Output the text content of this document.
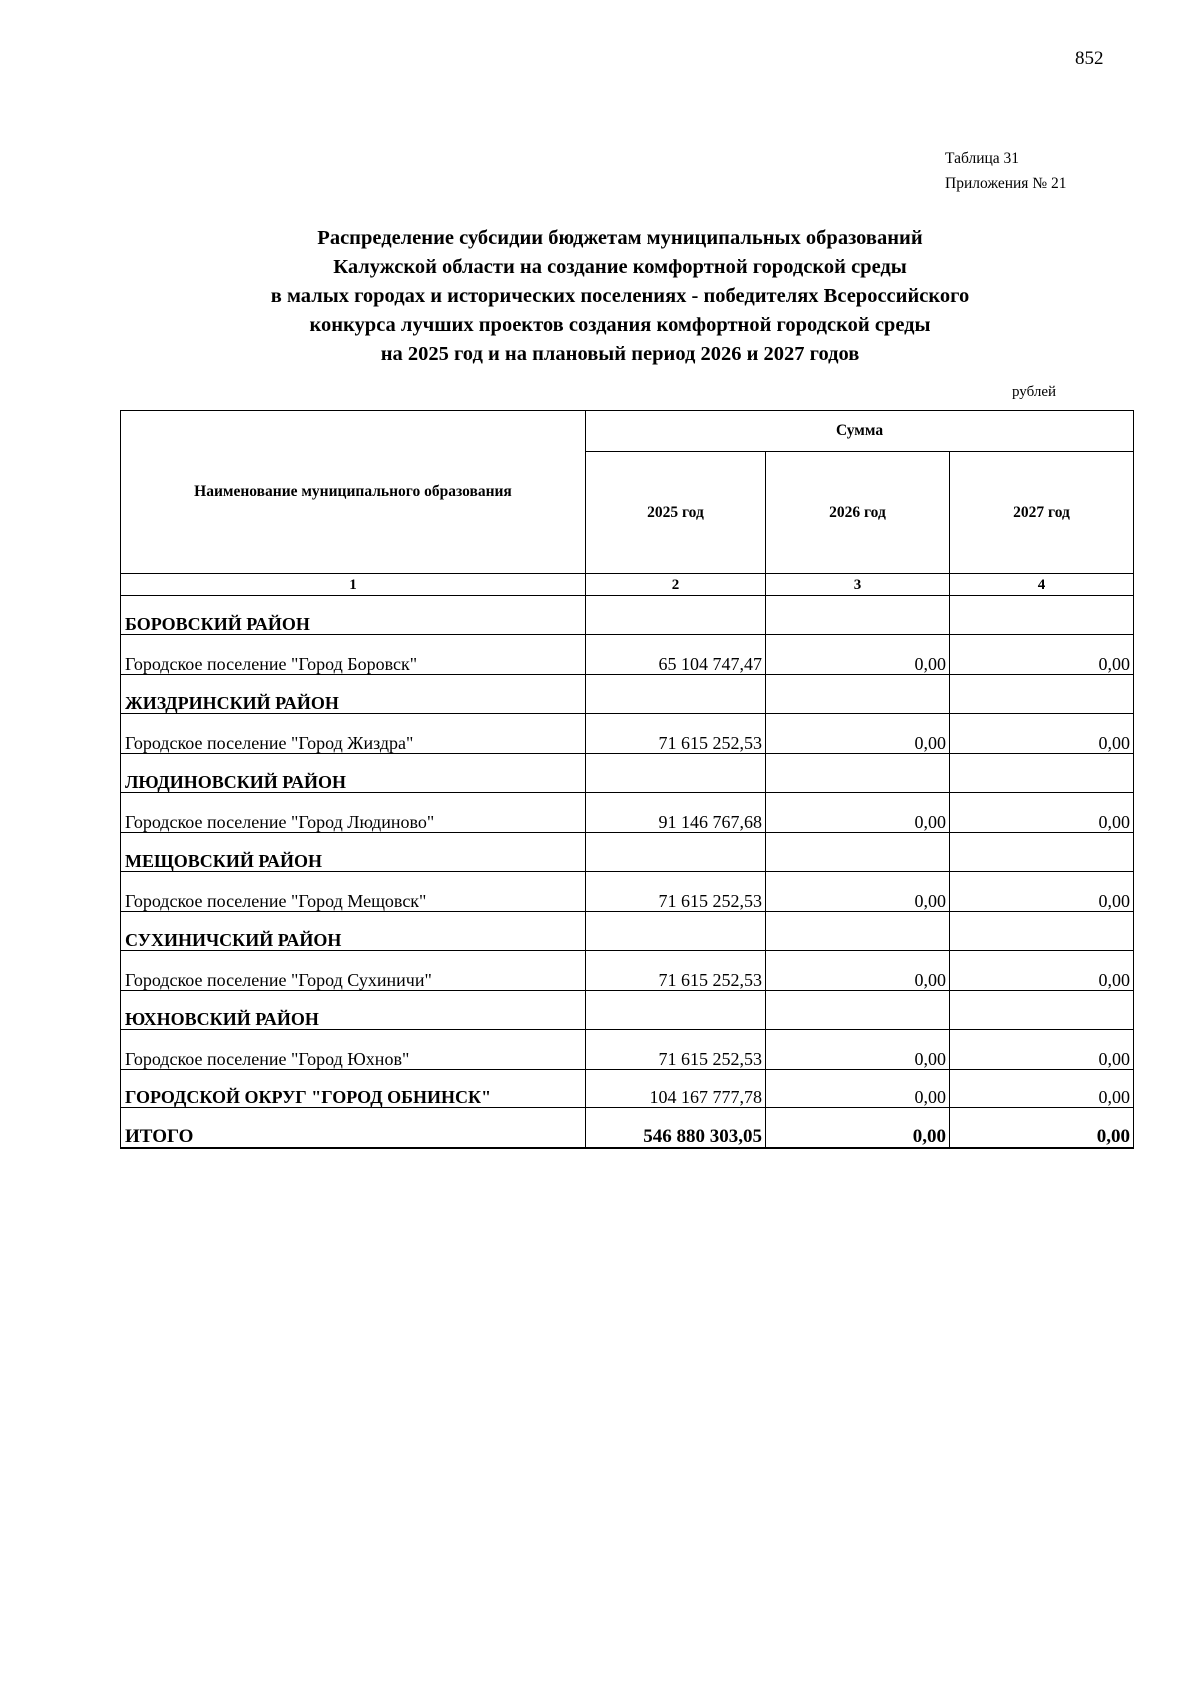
852
Таблица 31
Приложения № 21
Распределение субсидии бюджетам муниципальных образований
Калужской области на создание комфортной городской среды
в малых городах и исторических поселениях - победителях Всероссийского
конкурса лучших проектов создания комфортной городской среды
на 2025 год и на плановый период 2026 и 2027 годов
рублей
Наименование муниципального образования	Сумма		
	2025 год	2026 год	2027 год
1	2	3	4
БОРОВСКИЙ РАЙОН			
Городское поселение "Город Боровск"	65 104 747,47	0,00	0,00
ЖИЗДРИНСКИЙ РАЙОН			
Городское поселение "Город Жиздра"	71 615 252,53	0,00	0,00
ЛЮДИНОВСКИЙ РАЙОН			
Городское поселение "Город Людиново"	91 146 767,68	0,00	0,00
МЕЩОВСКИЙ РАЙОН			
Городское поселение "Город Мещовск"	71 615 252,53	0,00	0,00
СУХИНИЧСКИЙ РАЙОН			
Городское поселение "Город Сухиничи"	71 615 252,53	0,00	0,00
ЮХНОВСКИЙ РАЙОН			
Городское поселение "Город Юхнов"	71 615 252,53	0,00	0,00
ГОРОДСКОЙ ОКРУГ "ГОРОД ОБНИНСК"	104 167 777,78	0,00	0,00
ИТОГО	546 880 303,05	0,00	0,00
